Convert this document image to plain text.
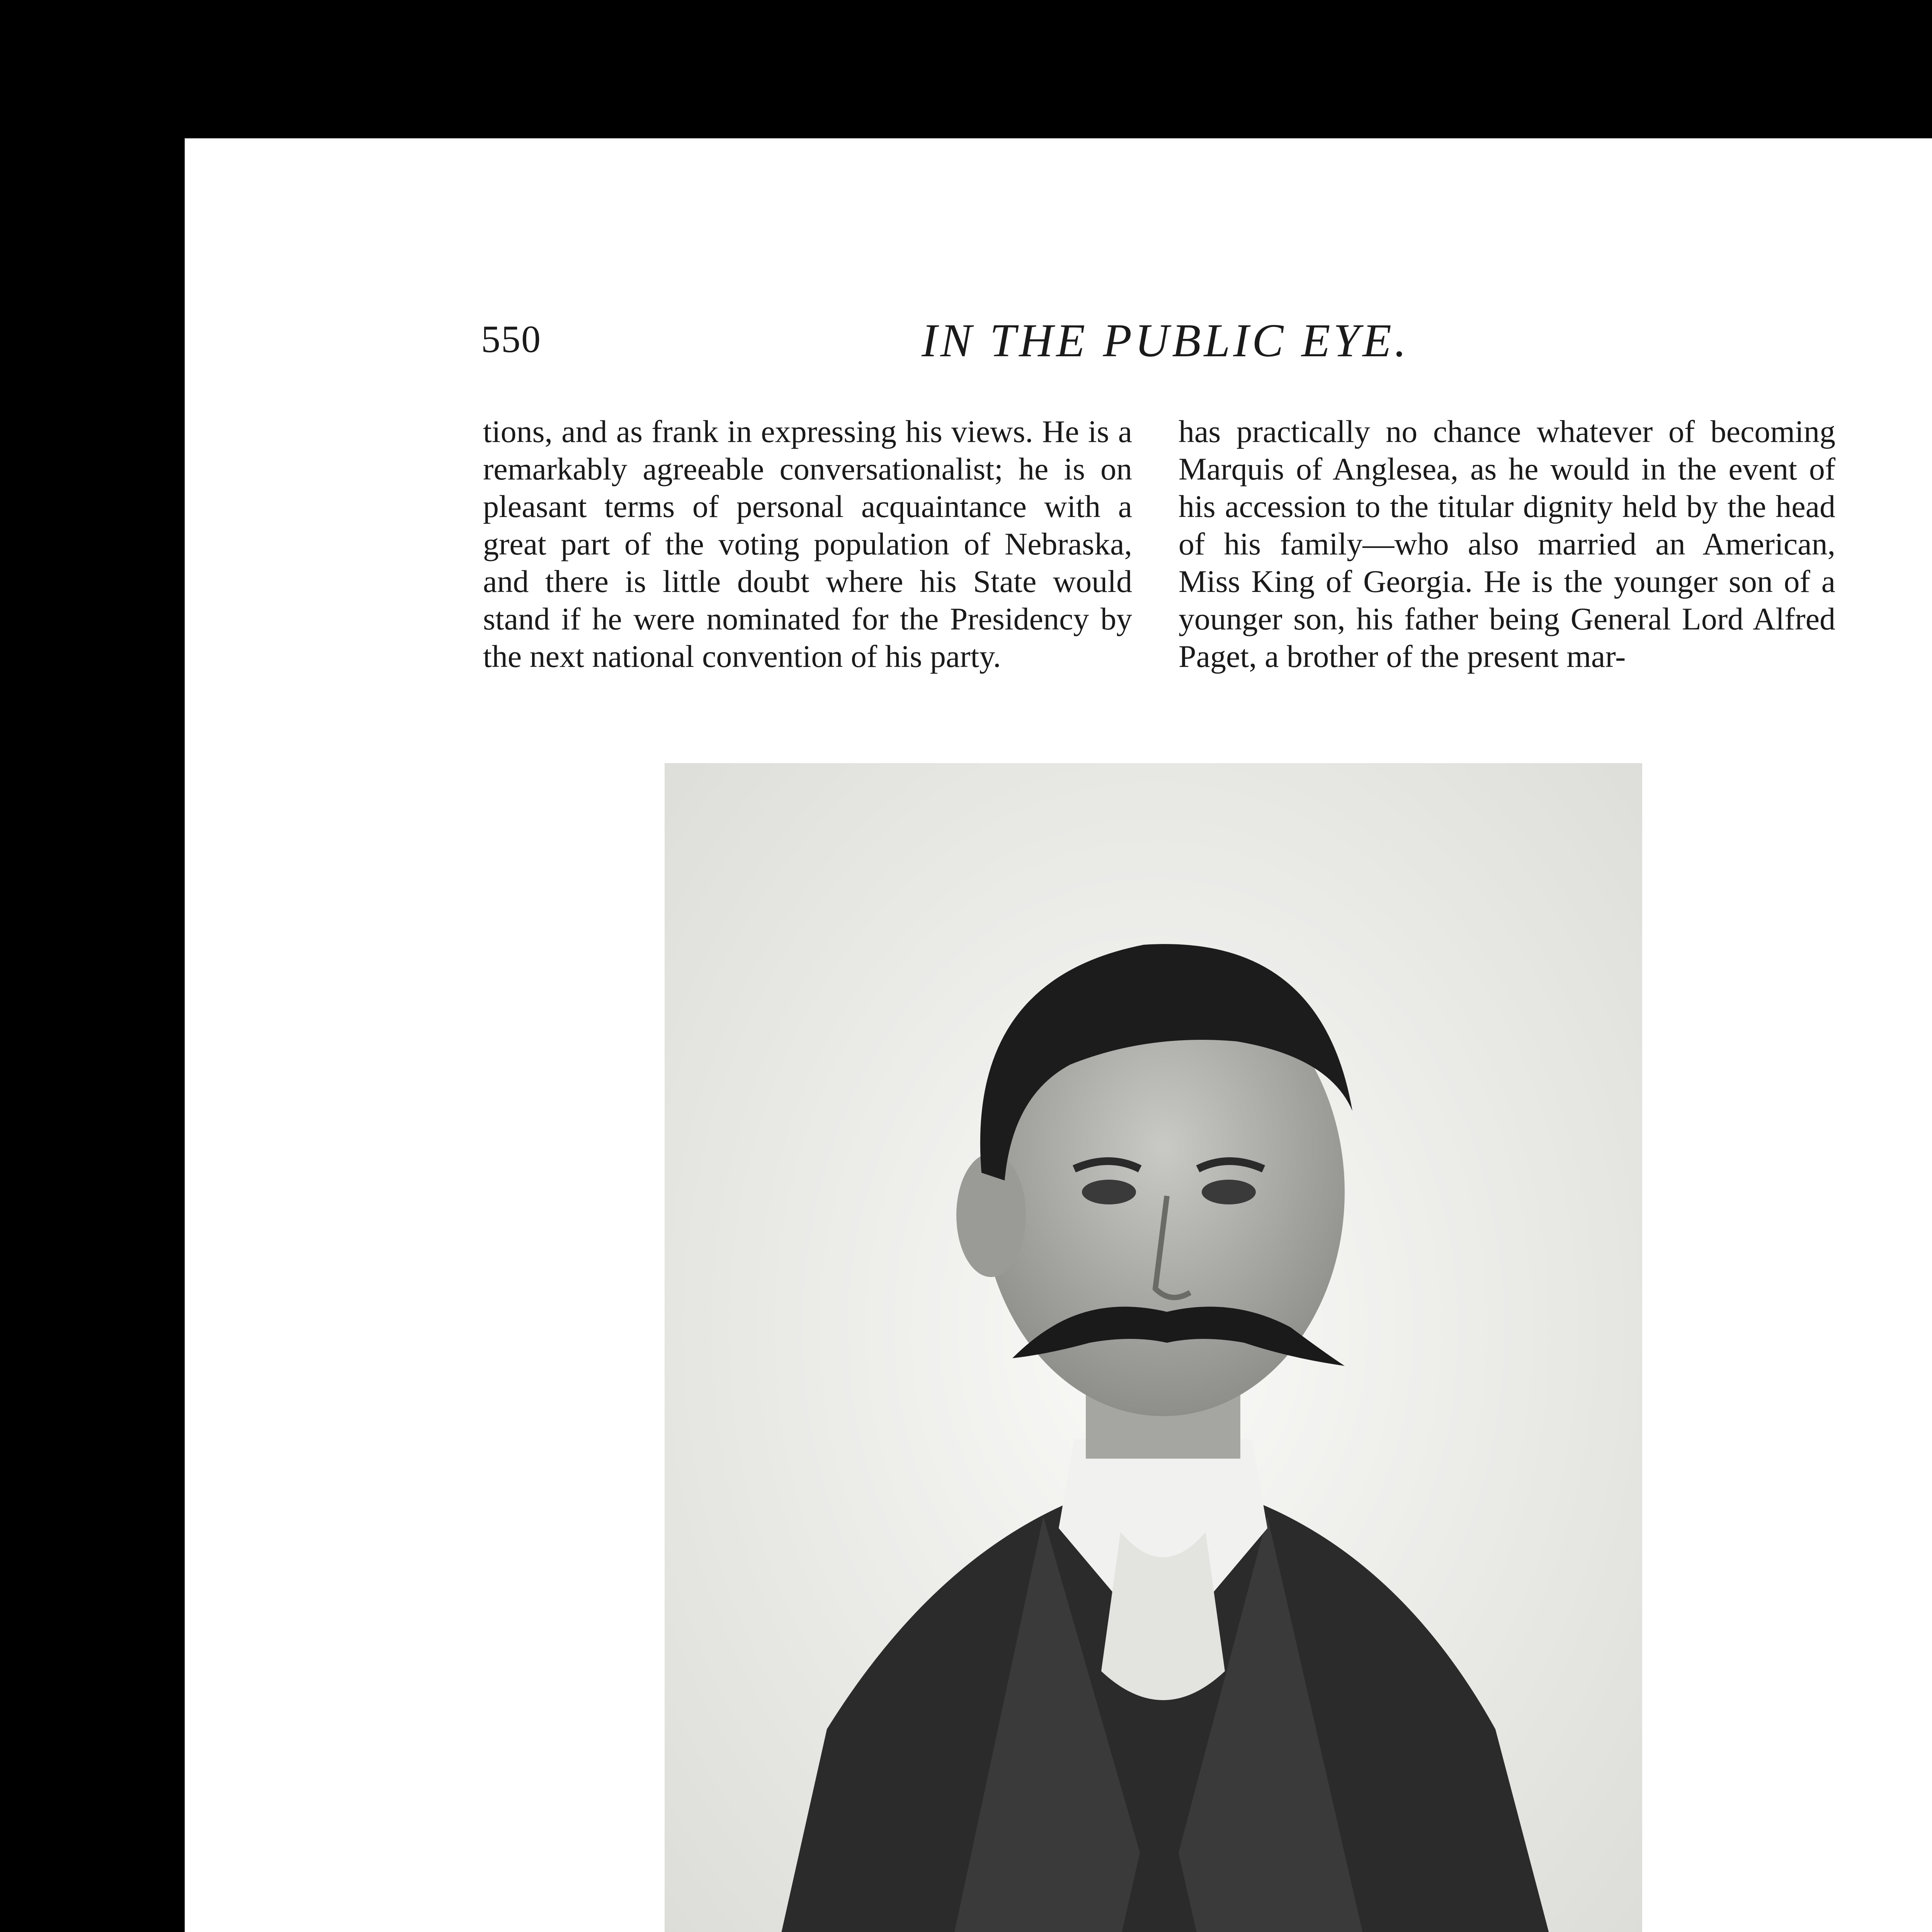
550	IN THE PUBLIC EYE.

tions, and as frank in expressing his views. He is a remarkably agreeable conversationalist; he is on pleasant terms of personal acquaintance with a great part of the voting population of Nebraska, and there is little doubt where his State would stand if he were nominated for the Presidency by the next national convention of his party.

has practically no chance whatever of becoming Marquis of Anglesea, as he would in the event of his accession to the titular dignity held by the head of his family—who also married an American, Miss King of Georgia. He is the younger son of a younger son, his father being General Lord Alfred Paget, a brother of the present mar-
